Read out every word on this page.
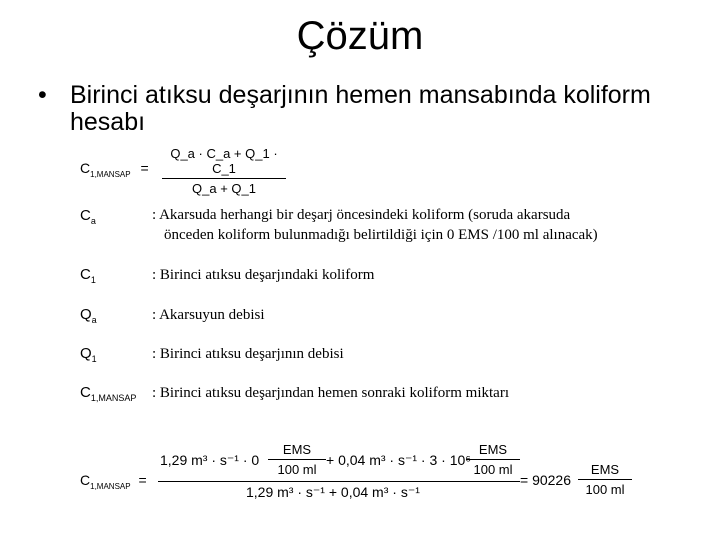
Çözüm
• Birinci atıksu deşarjının hemen mansabında koliform hesabı
$C_{1,MANSAP} = \frac{Q\_a \cdot C\_a + Q\_1 \cdot C\_1}{Q\_a + Q\_1}$
$C_a$	: Akarsuda herhangi bir deşarj öncesindeki koliform (soruda akarsuda
önceden koliform bulunmadığı belirtildiği için 0 EMS /100 ml alınacak)
$C_1$	: Birinci atıksu deşarjındaki koliform
$Q_a$	: Akarsuyun debisi
$Q_1$	: Birinci atıksu deşarjının debisi
$C_{1,MANSAP}$ : Birinci atıksu deşarjından hemen sonraki koliform miktarı
$C_{1,MANSAP}$ =
1,29 m³ · s⁻¹ · 0
EMS
100 ml
+ 0,04 m³ · s⁻¹ · 3 · 10⁶
EMS
100 ml
1,29 m³ · s⁻¹ + 0,04 m³ · s⁻¹
= 90226
EMS
100 ml
